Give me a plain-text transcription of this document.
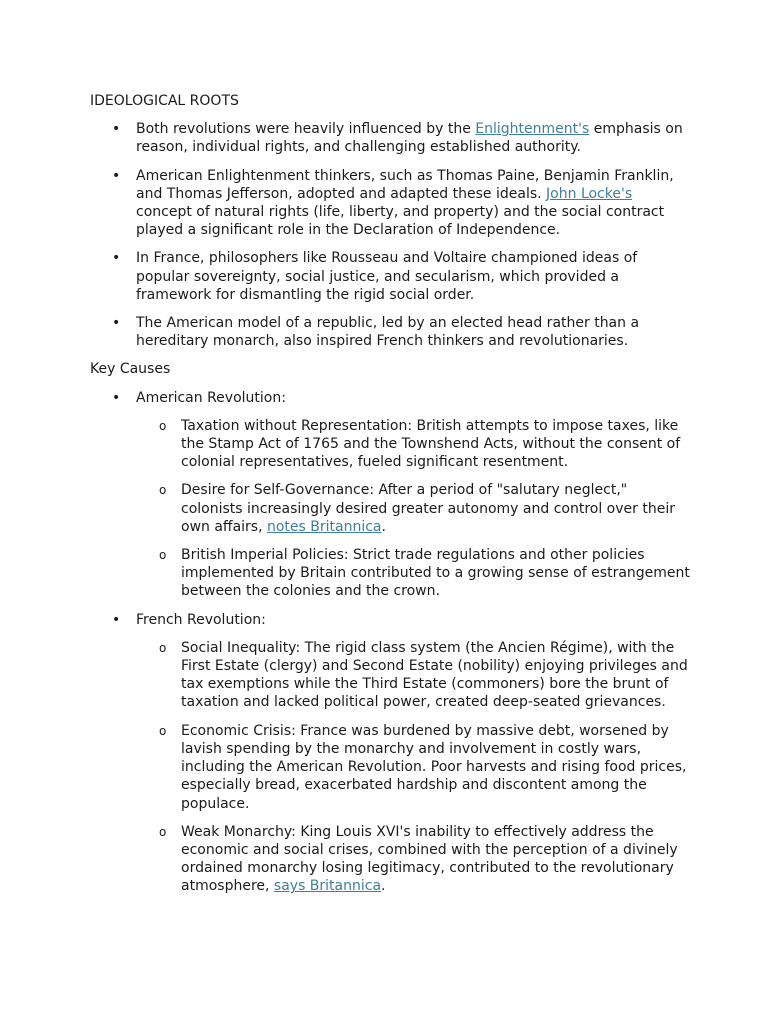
IDEOLOGICAL ROOTS
• Both revolutions were heavily influenced by the Enlightenment's emphasis on reason, individual rights, and challenging established authority.
• American Enlightenment thinkers, such as Thomas Paine, Benjamin Franklin, and Thomas Jefferson, adopted and adapted these ideals. John Locke's concept of natural rights (life, liberty, and property) and the social contract played a significant role in the Declaration of Independence.
• In France, philosophers like Rousseau and Voltaire championed ideas of popular sovereignty, social justice, and secularism, which provided a framework for dismantling the rigid social order.
• The American model of a republic, led by an elected head rather than a hereditary monarch, also inspired French thinkers and revolutionaries.
Key Causes
• American Revolution:
o Taxation without Representation: British attempts to impose taxes, like the Stamp Act of 1765 and the Townshend Acts, without the consent of colonial representatives, fueled significant resentment.
o Desire for Self-Governance: After a period of "salutary neglect," colonists increasingly desired greater autonomy and control over their own affairs, notes Britannica.
o British Imperial Policies: Strict trade regulations and other policies implemented by Britain contributed to a growing sense of estrangement between the colonies and the crown.
• French Revolution:
o Social Inequality: The rigid class system (the Ancien Régime), with the First Estate (clergy) and Second Estate (nobility) enjoying privileges and tax exemptions while the Third Estate (commoners) bore the brunt of taxation and lacked political power, created deep-seated grievances.
o Economic Crisis: France was burdened by massive debt, worsened by lavish spending by the monarchy and involvement in costly wars, including the American Revolution. Poor harvests and rising food prices, especially bread, exacerbated hardship and discontent among the populace.
o Weak Monarchy: King Louis XVI's inability to effectively address the economic and social crises, combined with the perception of a divinely ordained monarchy losing legitimacy, contributed to the revolutionary atmosphere, says Britannica.
